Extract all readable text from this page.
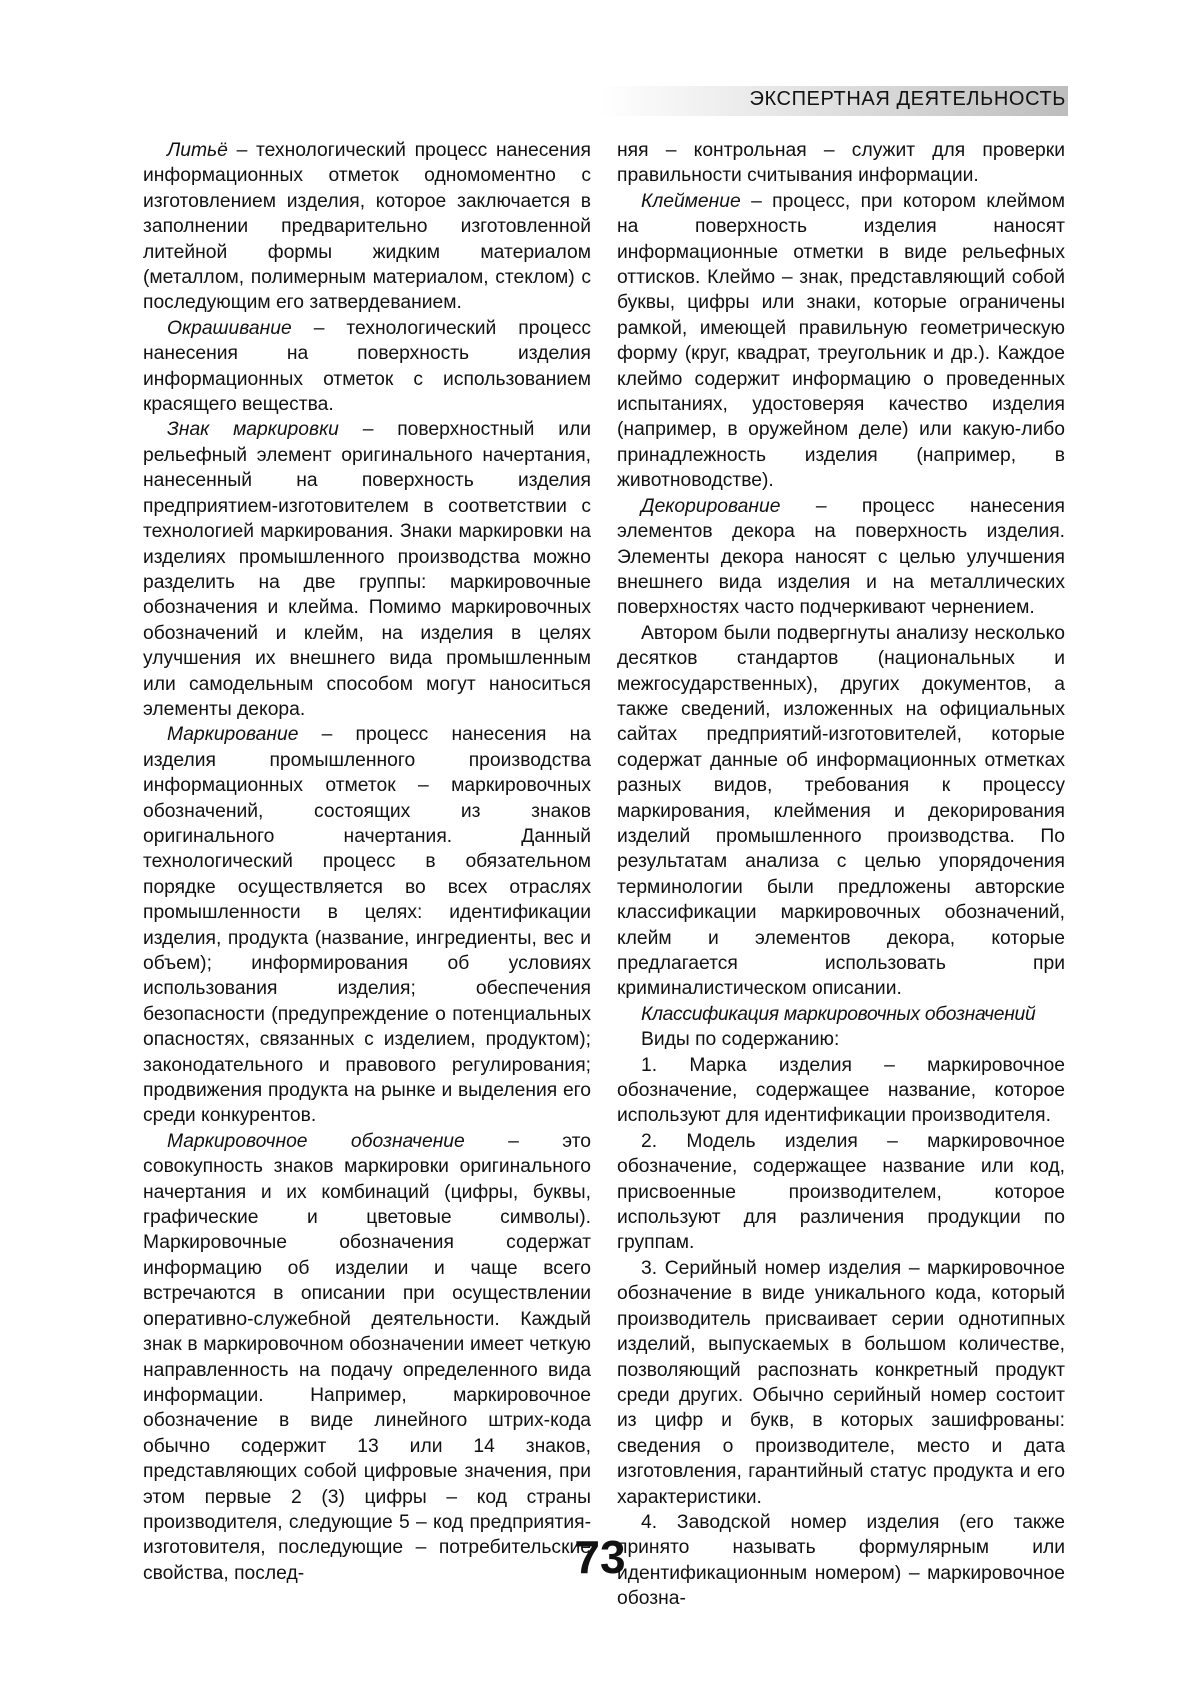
ЭКСПЕРТНАЯ ДЕЯТЕЛЬНОСТЬ

Литьё – технологический процесс нанесения информационных отметок одномоментно с изготовлением изделия, которое заключается в заполнении предварительно изготовленной литейной формы жидким материалом (металлом, полимерным материалом, стеклом) с последующим его затвердеванием.

Окрашивание – технологический процесс нанесения на поверхность изделия информационных отметок с использованием красящего вещества.

Знак маркировки – поверхностный или рельефный элемент оригинального начертания, нанесенный на поверхность изделия предприятием-изготовителем в соответствии с технологией маркирования. Знаки маркировки на изделиях промышленного производства можно разделить на две группы: маркировочные обозначения и клейма. Помимо маркировочных обозначений и клейм, на изделия в целях улучшения их внешнего вида промышленным или самодельным способом могут наноситься элементы декора.

Маркирование – процесс нанесения на изделия промышленного производства информационных отметок – маркировочных обозначений, состоящих из знаков оригинального начертания. Данный технологический процесс в обязательном порядке осуществляется во всех отраслях промышленности в целях: идентификации изделия, продукта (название, ингредиенты, вес и объем); информирования об условиях использования изделия; обеспечения безопасности (предупреждение о потенциальных опасностях, связанных с изделием, продуктом); законодательного и правового регулирования; продвижения продукта на рынке и выделения его среди конкурентов.

Маркировочное обозначение – это совокупность знаков маркировки оригинального начертания и их комбинаций (цифры, буквы, графические и цветовые символы). Маркировочные обозначения содержат информацию об изделии и чаще всего встречаются в описании при осуществлении оперативно-служебной деятельности. Каждый знак в маркировочном обозначении имеет четкую направленность на подачу определенного вида информации. Например, маркировочное обозначение в виде линейного штрих-кода обычно содержит 13 или 14 знаков, представляющих собой цифровые значения, при этом первые 2 (3) цифры – код страны производителя, следующие 5 – код предприятия-изготовителя, последующие – потребительские свойства, послед-

няя – контрольная – служит для проверки правильности считывания информации.

Клеймение – процесс, при котором клеймом на поверхность изделия наносят информационные отметки в виде рельефных оттисков. Клеймо – знак, представляющий собой буквы, цифры или знаки, которые ограничены рамкой, имеющей правильную геометрическую форму (круг, квадрат, треугольник и др.). Каждое клеймо содержит информацию о проведенных испытаниях, удостоверяя качество изделия (например, в оружейном деле) или какую-либо принадлежность изделия (например, в животноводстве).

Декорирование – процесс нанесения элементов декора на поверхность изделия. Элементы декора наносят с целью улучшения внешнего вида изделия и на металлических поверхностях часто подчеркивают чернением.

Автором были подвергнуты анализу несколько десятков стандартов (национальных и межгосударственных), других документов, а также сведений, изложенных на официальных сайтах предприятий-изготовителей, которые содержат данные об информационных отметках разных видов, требования к процессу маркирования, клеймения и декорирования изделий промышленного производства. По результатам анализа с целью упорядочения терминологии были предложены авторские классификации маркировочных обозначений, клейм и элементов декора, которые предлагается использовать при криминалистическом описании.

Классификация маркировочных обозначений

Виды по содержанию:

1. Марка изделия – маркировочное обозначение, содержащее название, которое используют для идентификации производителя.

2. Модель изделия – маркировочное обозначение, содержащее название или код, присвоенные производителем, которое используют для различения продукции по группам.

3. Серийный номер изделия – маркировочное обозначение в виде уникального кода, который производитель присваивает серии однотипных изделий, выпускаемых в большом количестве, позволяющий распознать конкретный продукт среди других. Обычно серийный номер состоит из цифр и букв, в которых зашифрованы: сведения о производителе, место и дата изготовления, гарантийный статус продукта и его характеристики.

4. Заводской номер изделия (его также принято называть формулярным или идентификационным номером) – маркировочное обозна-

73
